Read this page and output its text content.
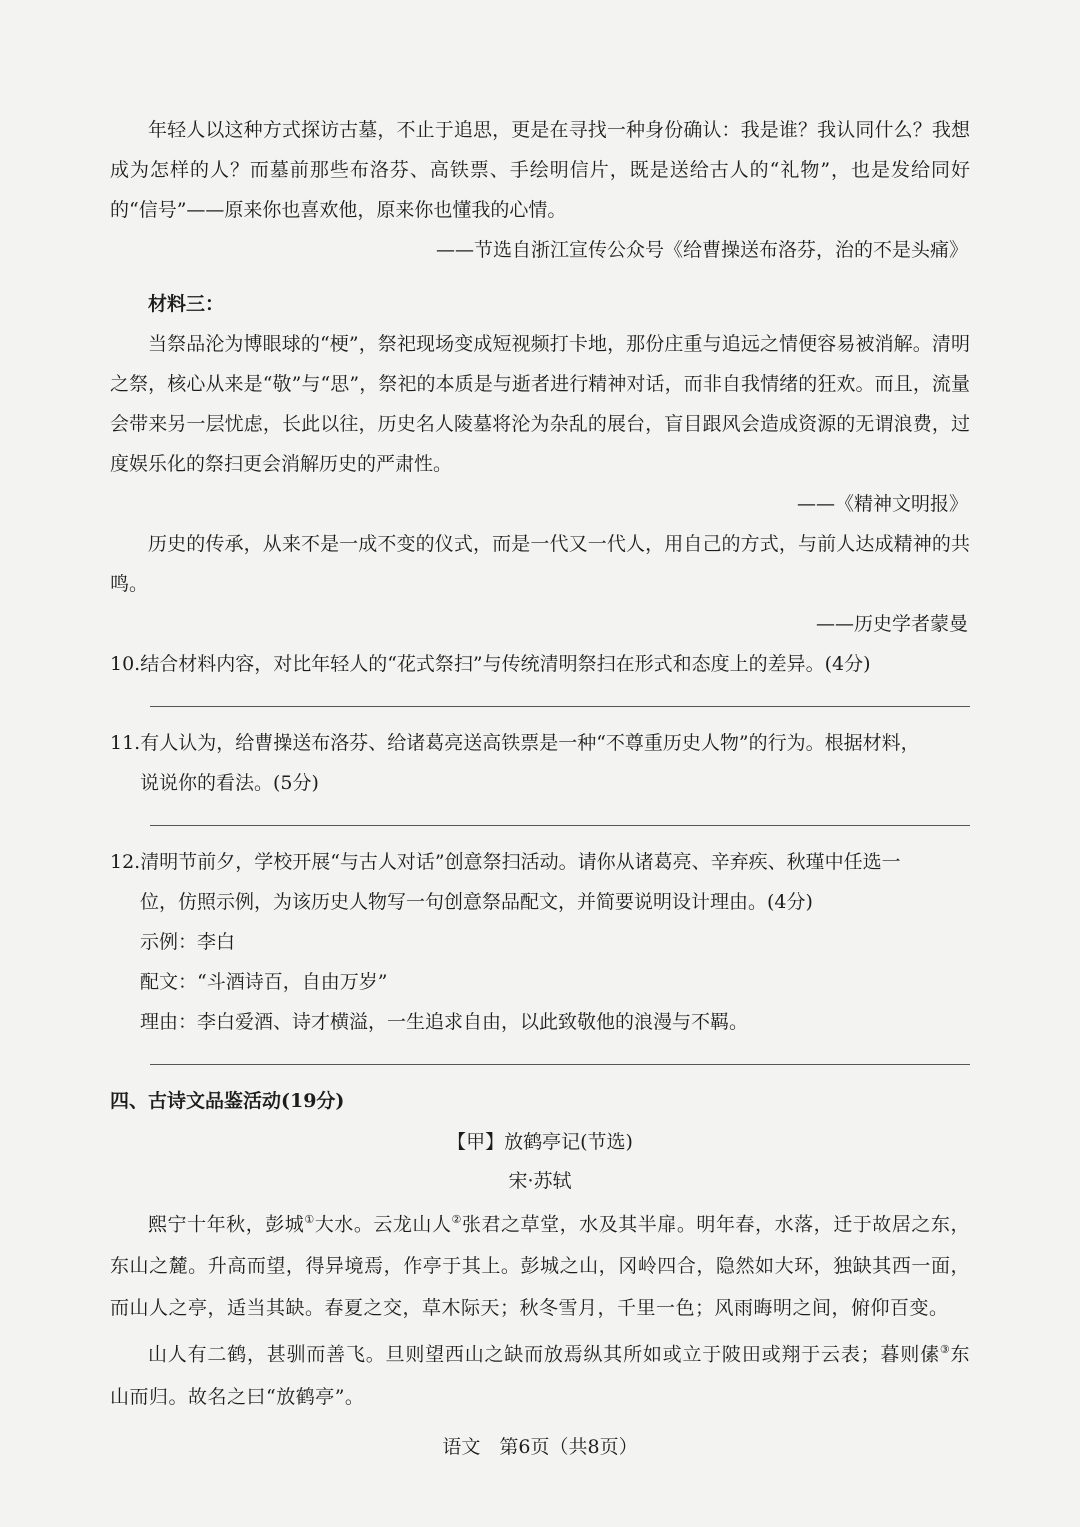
年轻人以这种方式探访古墓，不止于追思，更是在寻找一种身份确认：我是谁？我认同什么？我想成为怎样的人？而墓前那些布洛芬、高铁票、手绘明信片，既是送给古人的“礼物”，也是发给同好的“信号”——原来你也喜欢他，原来你也懂我的心情。

——节选自浙江宣传公众号《给曹操送布洛芬，治的不是头痛》

材料三：

当祭品沦为博眼球的“梗”，祭祀现场变成短视频打卡地，那份庄重与追远之情便容易被消解。清明之祭，核心从来是“敬”与“思”，祭祀的本质是与逝者进行精神对话，而非自我情绪的狂欢。而且，流量会带来另一层忧虑，长此以往，历史名人陵墓将沦为杂乱的展台，盲目跟风会造成资源的无谓浪费，过度娱乐化的祭扫更会消解历史的严肃性。

——《精神文明报》

历史的传承，从来不是一成不变的仪式，而是一代又一代人，用自己的方式，与前人达成精神的共鸣。

——历史学者蒙曼

10.结合材料内容，对比年轻人的“花式祭扫”与传统清明祭扫在形式和态度上的差异。(4分)
11.有人认为，给曹操送布洛芬、给诸葛亮送高铁票是一种“不尊重历史人物”的行为。根据材料，
说说你的看法。(5分)
12.清明节前夕，学校开展“与古人对话”创意祭扫活动。请你从诸葛亮、辛弃疾、秋瑾中任选一
位，仿照示例，为该历史人物写一句创意祭品配文，并简要说明设计理由。(4分)
示例：李白
配文：“斗酒诗百，自由万岁”
理由：李白爱酒、诗才横溢，一生追求自由，以此致敬他的浪漫与不羁。

四、古诗文品鉴活动(19分)

【甲】放鹤亭记(节选)

宋·苏轼

熙宁十年秋，彭城①大水。云龙山人②张君之草堂，水及其半扉。明年春，水落，迁于故居之东，东山之麓。升高而望，得异境焉，作亭于其上。彭城之山，冈岭四合，隐然如大环，独缺其西一面，而山人之亭，适当其缺。春夏之交，草木际天；秋冬雪月，千里一色；风雨晦明之间，俯仰百变。

山人有二鹤，甚驯而善飞。旦则望西山之缺而放焉纵其所如或立于陂田或翔于云表；暮则傃③东山而归。故名之曰“放鹤亭”。

语文　第6页（共8页）
